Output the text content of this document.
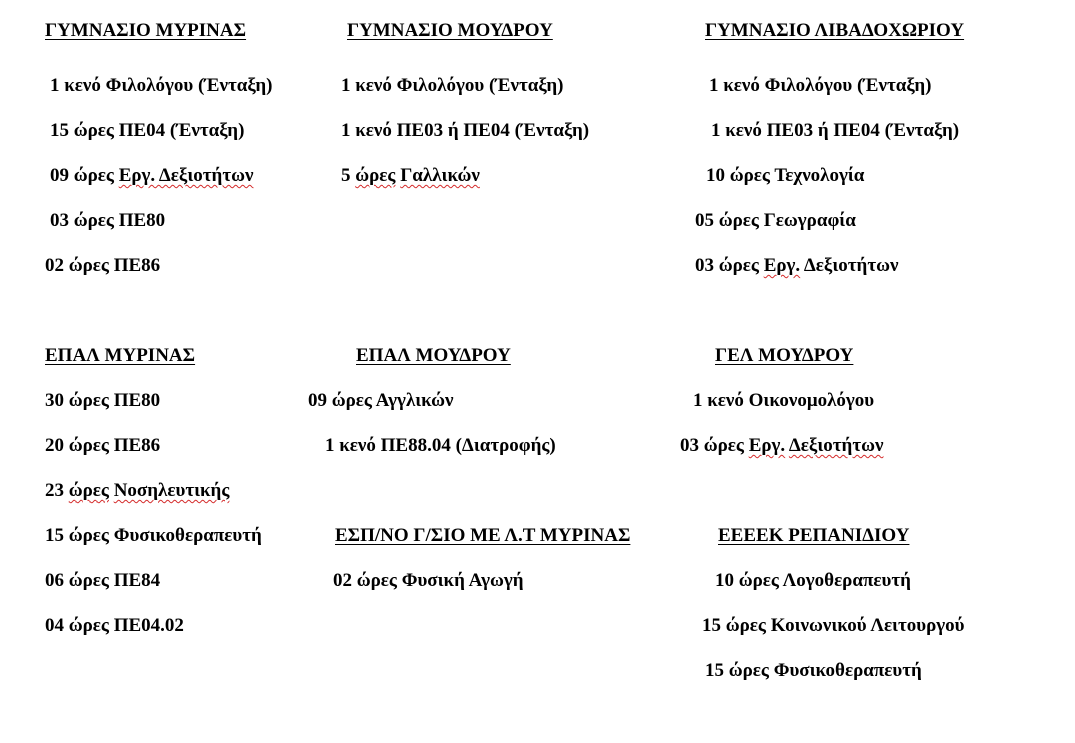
ΓΥΜΝΑΣΙΟ ΜΥΡΙΝΑΣ
1 κενό Φιλολόγου (Ένταξη)
15 ώρες ΠΕ04 (Ένταξη)
09 ώρες Εργ. Δεξιοτήτων
03 ώρες ΠΕ80
02 ώρες ΠΕ86
ΓΥΜΝΑΣΙΟ ΜΟΥΔΡΟΥ
1 κενό Φιλολόγου (Ένταξη)
1 κενό ΠΕ03 ή ΠΕ04 (Ένταξη)
5 ώρες Γαλλικών
ΓΥΜΝΑΣΙΟ ΛΙΒΑΔΟΧΩΡΙΟΥ
1 κενό Φιλολόγου (Ένταξη)
1 κενό ΠΕ03 ή ΠΕ04 (Ένταξη)
10 ώρες Τεχνολογία
05 ώρες Γεωγραφία
03 ώρες Εργ. Δεξιοτήτων
ΕΠΑΛ ΜΥΡΙΝΑΣ
30 ώρες ΠΕ80
20 ώρες ΠΕ86
23 ώρες Νοσηλευτικής
15 ώρες Φυσικοθεραπευτή
06 ώρες ΠΕ84
04 ώρες ΠΕ04.02
ΕΠΑΛ ΜΟΥΔΡΟΥ
09 ώρες Αγγλικών
1 κενό ΠΕ88.04 (Διατροφής)
ΓΕΛ ΜΟΥΔΡΟΥ
1 κενό Οικονομολόγου
03 ώρες Εργ. Δεξιοτήτων
ΕΣΠ/ΝΟ Γ/ΣΙΟ ΜΕ Λ.Τ ΜΥΡΙΝΑΣ
02 ώρες Φυσική Αγωγή
ΕΕΕΕΚ ΡΕΠΑΝΙΔΙΟΥ
10 ώρες Λογοθεραπευτή
15 ώρες Κοινωνικού Λειτουργού
15 ώρες Φυσικοθεραπευτή
